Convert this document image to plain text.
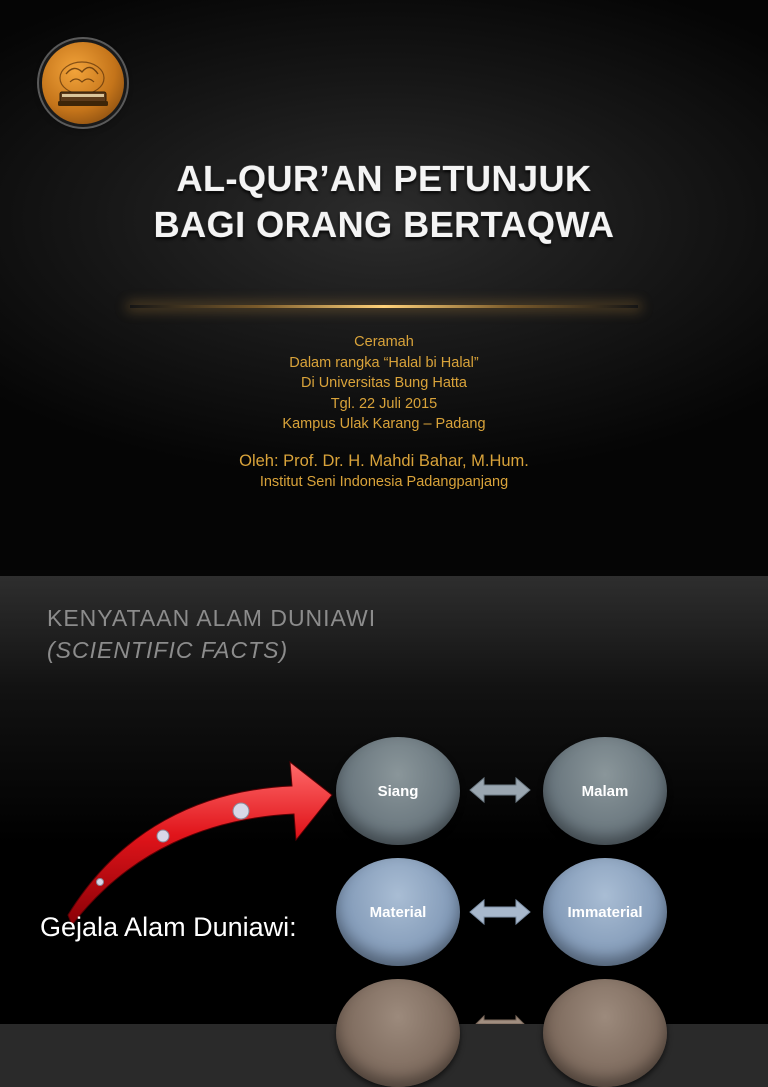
AL-QUR’AN PETUNJUK
BAGI ORANG BERTAQWA
Ceramah
Dalam rangka “Halal bi Halal”
Di Universitas Bung Hatta
Tgl. 22 Juli 2015
Kampus Ulak Karang – Padang
Oleh: Prof. Dr. H. Mahdi Bahar, M.Hum.
Institut Seni Indonesia Padangpanjang
KENYATAAN ALAM DUNIAWI
(SCIENTIFIC FACTS)
Siang	Malam
Material	Immaterial
Gejala Alam Duniawi:
